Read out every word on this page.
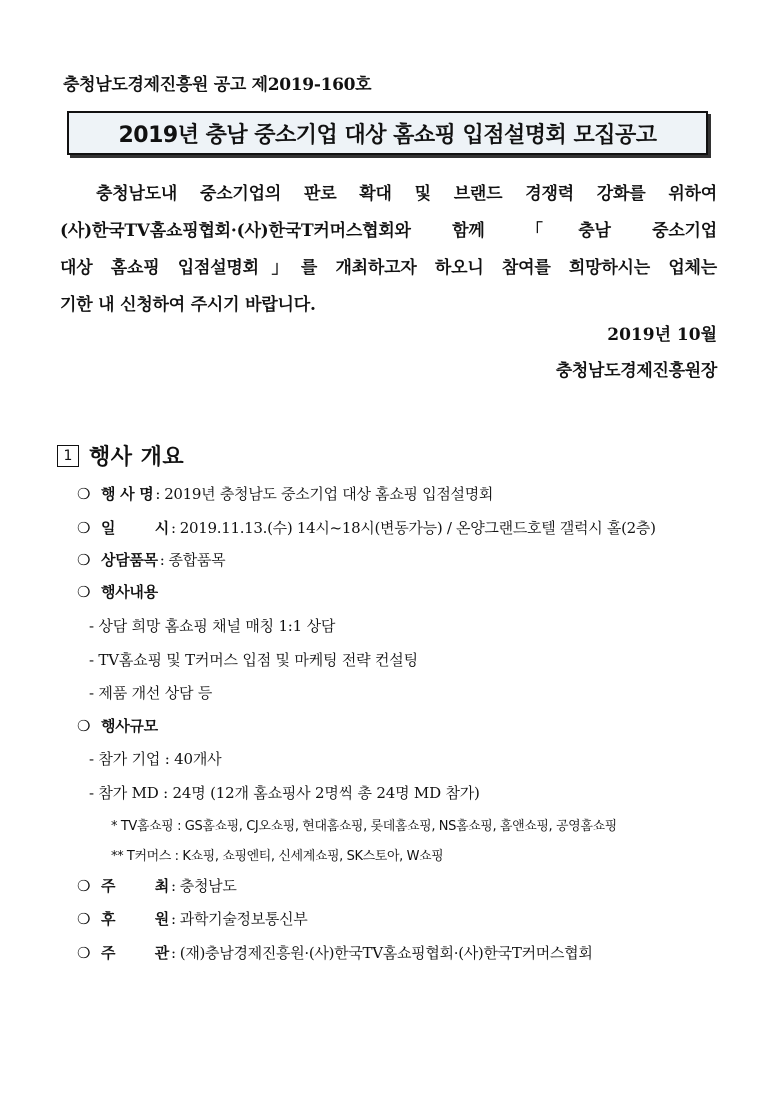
충청남도경제진흥원 공고 제2019-160호
2019년 충남 중소기업 대상 홈쇼핑 입점설명회 모집공고

충청남도내 중소기업의 판로 확대 및 브랜드 경쟁력 강화를 위하여

(사)한국TV홈쇼핑협회·(사)한국T커머스협회와 함께 「충남 중소기업

대상 홈쇼핑 입점설명회」를 개최하고자 하오니 참여를 희망하시는 업체는

기한 내 신청하여 주시기 바랍니다.

2019년 10월
충청남도경제진흥원장
1 행사 개요
❍ 행 사 명 : 2019년 충청남도 중소기업 대상 홈쇼핑 입점설명회
❍ 일	시 : 2019.11.13.(수) 14시~18시(변동가능) / 온양그랜드호텔 갤럭시 홀(2층)
❍ 상담품목 : 종합품목
❍ 행사내용
- 상담 희망 홈쇼핑 채널 매칭 1:1 상담
- TV홈쇼핑 및 T커머스 입점 및 마케팅 전략 컨설팅
- 제품 개선 상담 등
❍ 행사규모
- 참가 기업 : 40개사
- 참가 MD : 24명 (12개 홈쇼핑사 2명씩 총 24명 MD 참가)
* TV홈쇼핑 : GS홈쇼핑, CJ오쇼핑, 현대홈쇼핑, 롯데홈쇼핑, NS홈쇼핑, 홈앤쇼핑, 공영홈쇼핑
** T커머스 : K쇼핑, 쇼핑엔티, 신세계쇼핑, SK스토아, W쇼핑
❍ 주	최 : 충청남도
❍ 후	원 : 과학기술정보통신부
❍ 주	관 : (재)충남경제진흥원·(사)한국TV홈쇼핑협회·(사)한국T커머스협회
